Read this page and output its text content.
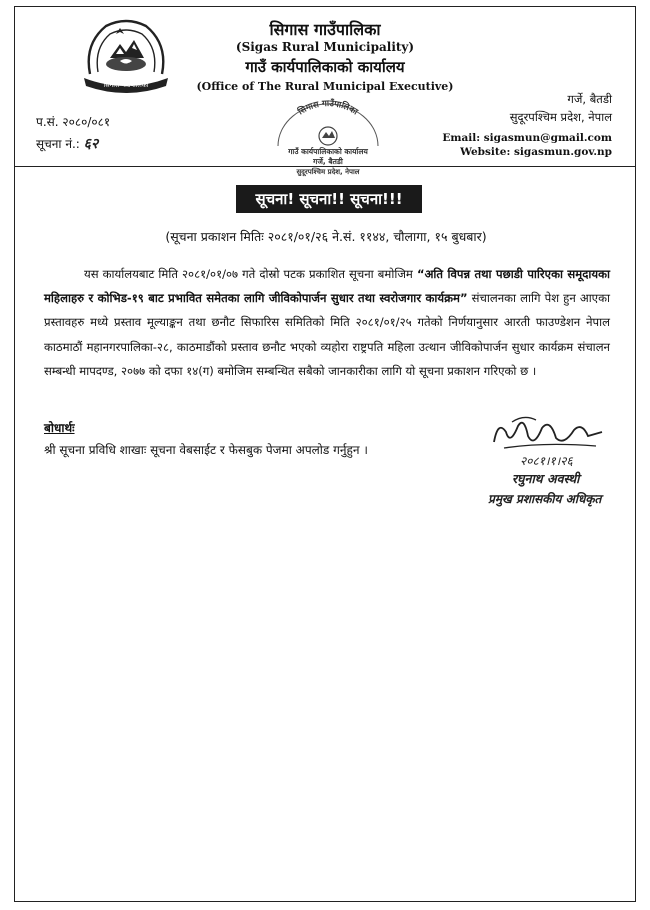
सिगास गाउँपालिका
सिगास गाउँपालिका
(Sigas Rural Municipality)
गाउँ कार्यपालिकाको कार्यालय
(Office of The Rural Municipal Executive)
प.सं. २०८०/०८१
सूचना नं.: ६२
सिगास गाउँपालिका
गाउँ कार्यपालिकाको कार्यालय
गर्जे, बैतडी
सुदूरपश्चिम प्रदेश, नेपाल
गर्जे, बैतडी
सुदूरपश्चिम प्रदेश, नेपाल
Email: sigasmun@gmail.com
Website: sigasmun.gov.np
सूचना! सूचना!! सूचना!!!
(सूचना प्रकाशन मितिः २०८१/०१/२६ ने.सं. ११४४, चौलागा, १५ बुधबार)

यस कार्यालयबाट मिति २०८१/०१/०७ गते दोस्रो पटक प्रकाशित सूचना बमोजिम “अति विपन्न तथा पछाडी पारिएका समूदायका महिलाहरु र कोभिड-१९ बाट प्रभावित समेतका लागि जीविकोपार्जन सुधार तथा स्वरोजगार कार्यक्रम” संचालनका लागि पेश हुन आएका प्रस्तावहरु मध्ये प्रस्ताव मूल्याङ्कन तथा छनौट सिफारिस समितिको मिति २०८१/०१/२५ गतेको निर्णयानुसार आरती फाउण्डेशन नेपाल काठमाठौं महानगरपालिका-२८, काठमाडौंको प्रस्ताव छनौट भएको व्यहोरा राष्ट्रपति महिला उत्थान जीविकोपार्जन सुधार कार्यक्रम संचालन सम्बन्धी मापदण्ड, २०७७ को दफा १४(ग) बमोजिम सम्बन्धित सबैको जानकारीका लागि यो सूचना प्रकाशन गरिएको छ ।

बोधार्थः
श्री सूचना प्रविधि शाखाः सूचना वेबसाईट र फेसबुक पेजमा अपलोड गर्नुहुन ।
२०८१।१।२६
रघुनाथ अवस्थी
प्रमुख प्रशासकीय अधिकृत
